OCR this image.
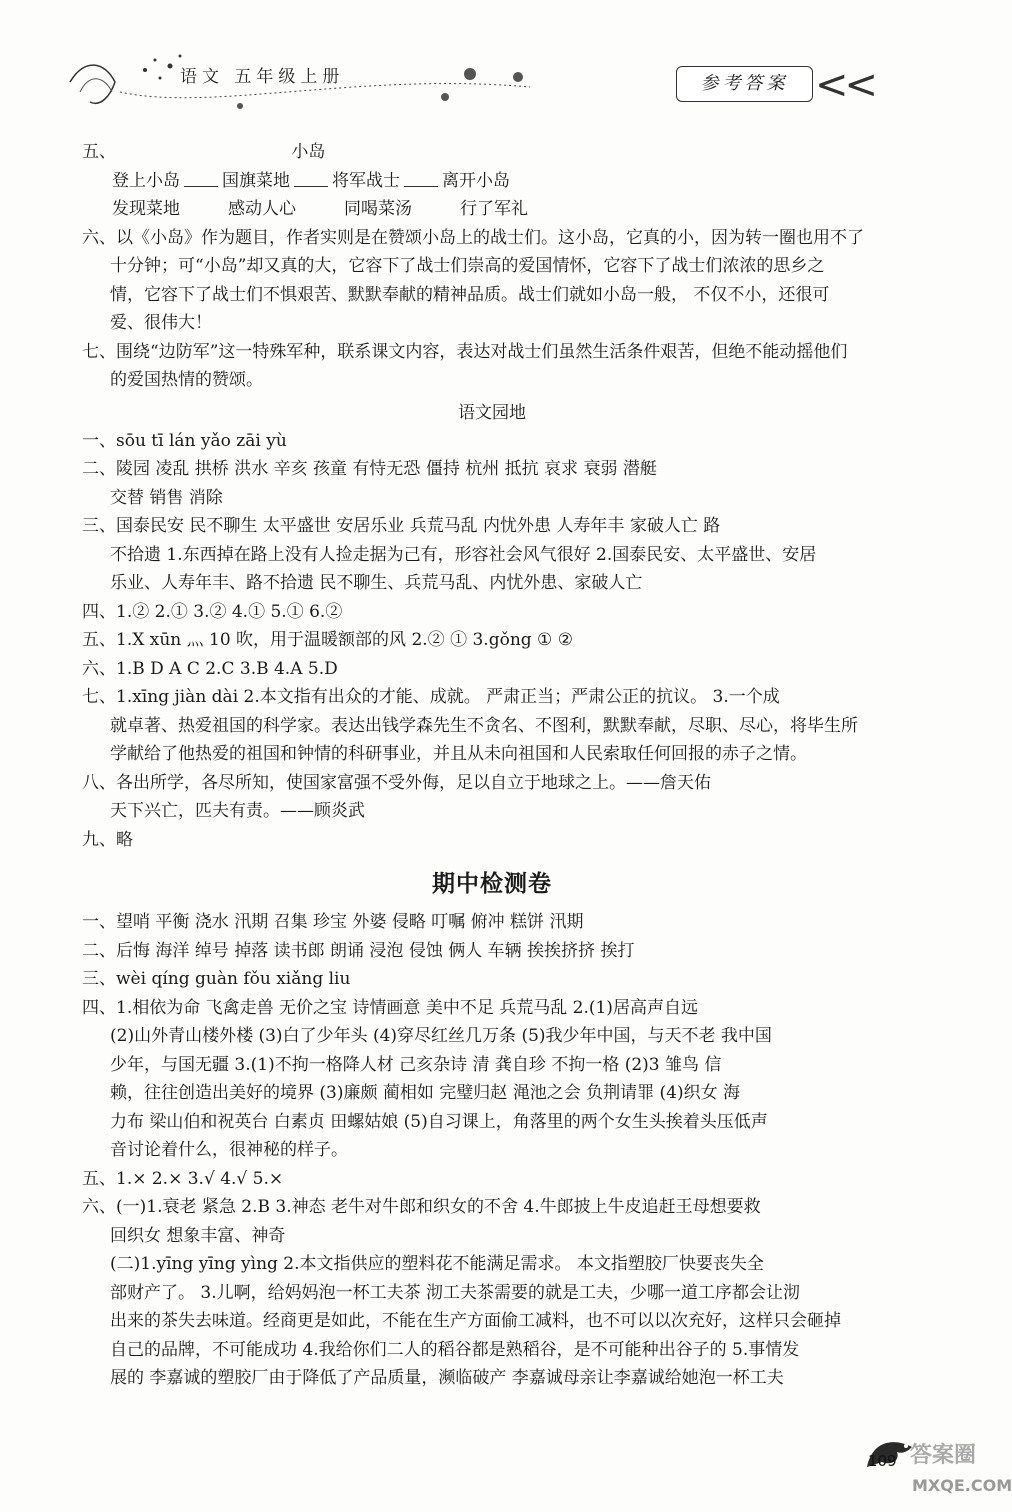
语文 五年级上册	参考答案 <<
五、	小岛
登上小岛 国旗菜地 将军战士 离开小岛
发现菜地	感动人心	同喝菜汤	行了军礼
六、以《小岛》作为题目，作者实则是在赞颂小岛上的战士们。这小岛，它真的小，因为转一圈也用不了
十分钟；可“小岛”却又真的大，它容下了战士们崇高的爱国情怀，它容下了战士们浓浓的思乡之
情，它容下了战士们不惧艰苦、默默奉献的精神品质。战士们就如小岛一般， 不仅不小，还很可
爱、很伟大！
七、围绕“边防军”这一特殊军种，联系课文内容，表达对战士们虽然生活条件艰苦，但绝不能动摇他们
的爱国热情的赞颂。
语文园地
一、sōu tī lán yǎo zāi yù
二、陵园 凌乱 拱桥 洪水 辛亥 孩童 有恃无恐 僵持 杭州 抵抗 哀求 衰弱 潜艇
交替 销售 消除
三、国泰民安 民不聊生 太平盛世 安居乐业 兵荒马乱 内忧外患 人寿年丰 家破人亡 路
不拾遗 1.东西掉在路上没有人捡走据为己有，形容社会风气很好 2.国泰民安、太平盛世、安居
乐业、人寿年丰、路不拾遗 民不聊生、兵荒马乱、内忧外患、家破人亡
四、1.② 2.① 3.② 4.① 5.① 6.②
五、1.X xūn 灬 10 吹，用于温暖额部的风 2.② ① 3.gǒng ① ②
六、1.B D A C 2.C 3.B 4.A 5.D
七、1.xīng jiàn dài 2.本文指有出众的才能、成就。 严肃正当；严肃公正的抗议。 3.一个成
就卓著、热爱祖国的科学家。表达出钱学森先生不贪名、不图利，默默奉献，尽职、尽心，将毕生所
学献给了他热爱的祖国和钟情的科研事业，并且从未向祖国和人民索取任何回报的赤子之情。
八、各出所学，各尽所知，使国家富强不受外侮，足以自立于地球之上。——詹天佑
天下兴亡，匹夫有责。——顾炎武
九、略
期中检测卷
一、望哨 平衡 浇水 汛期 召集 珍宝 外婆 侵略 叮嘱 俯冲 糕饼 汛期
二、后悔 海洋 绰号 掉落 读书郎 朗诵 浸泡 侵蚀 俩人 车辆 挨挨挤挤 挨打
三、wèi qíng guàn fǒu xiǎng liu
四、1.相依为命 飞禽走兽 无价之宝 诗情画意 美中不足 兵荒马乱 2.(1)居高声自远
(2)山外青山楼外楼 (3)白了少年头 (4)穿尽红丝几万条 (5)我少年中国，与天不老 我中国
少年，与国无疆 3.(1)不拘一格降人材 己亥杂诗 清 龚自珍 不拘一格 (2)3 雏鸟 信
赖，往往创造出美好的境界 (3)廉颇 蔺相如 完璧归赵 渑池之会 负荆请罪 (4)织女 海
力布 梁山伯和祝英台 白素贞 田螺姑娘 (5)自习课上，角落里的两个女生头挨着头压低声
音讨论着什么，很神秘的样子。
五、1.× 2.× 3.√ 4.√ 5.×
六、(一)1.衰老 紧急 2.B 3.神态 老牛对牛郎和织女的不舍 4.牛郎披上牛皮追赶王母想要救
回织女 想象丰富、神奇
(二)1.yīng yīng yìng 2.本文指供应的塑料花不能满足需求。 本文指塑胶厂快要丧失全
部财产了。 3.儿啊，给妈妈泡一杯工夫茶 沏工夫茶需要的就是工夫，少哪一道工序都会让沏
出来的茶失去味道。经商更是如此，不能在生产方面偷工减料，也不可以以次充好，这样只会砸掉
自己的品牌，不可能成功 4.我给你们二人的稻谷都是熟稻谷，是不可能种出谷子的 5.事情发
展的 李嘉诚的塑胶厂由于降低了产品质量，濒临破产 李嘉诚母亲让李嘉诚给她泡一杯工夫
109 答案圈
MXQE.COM
